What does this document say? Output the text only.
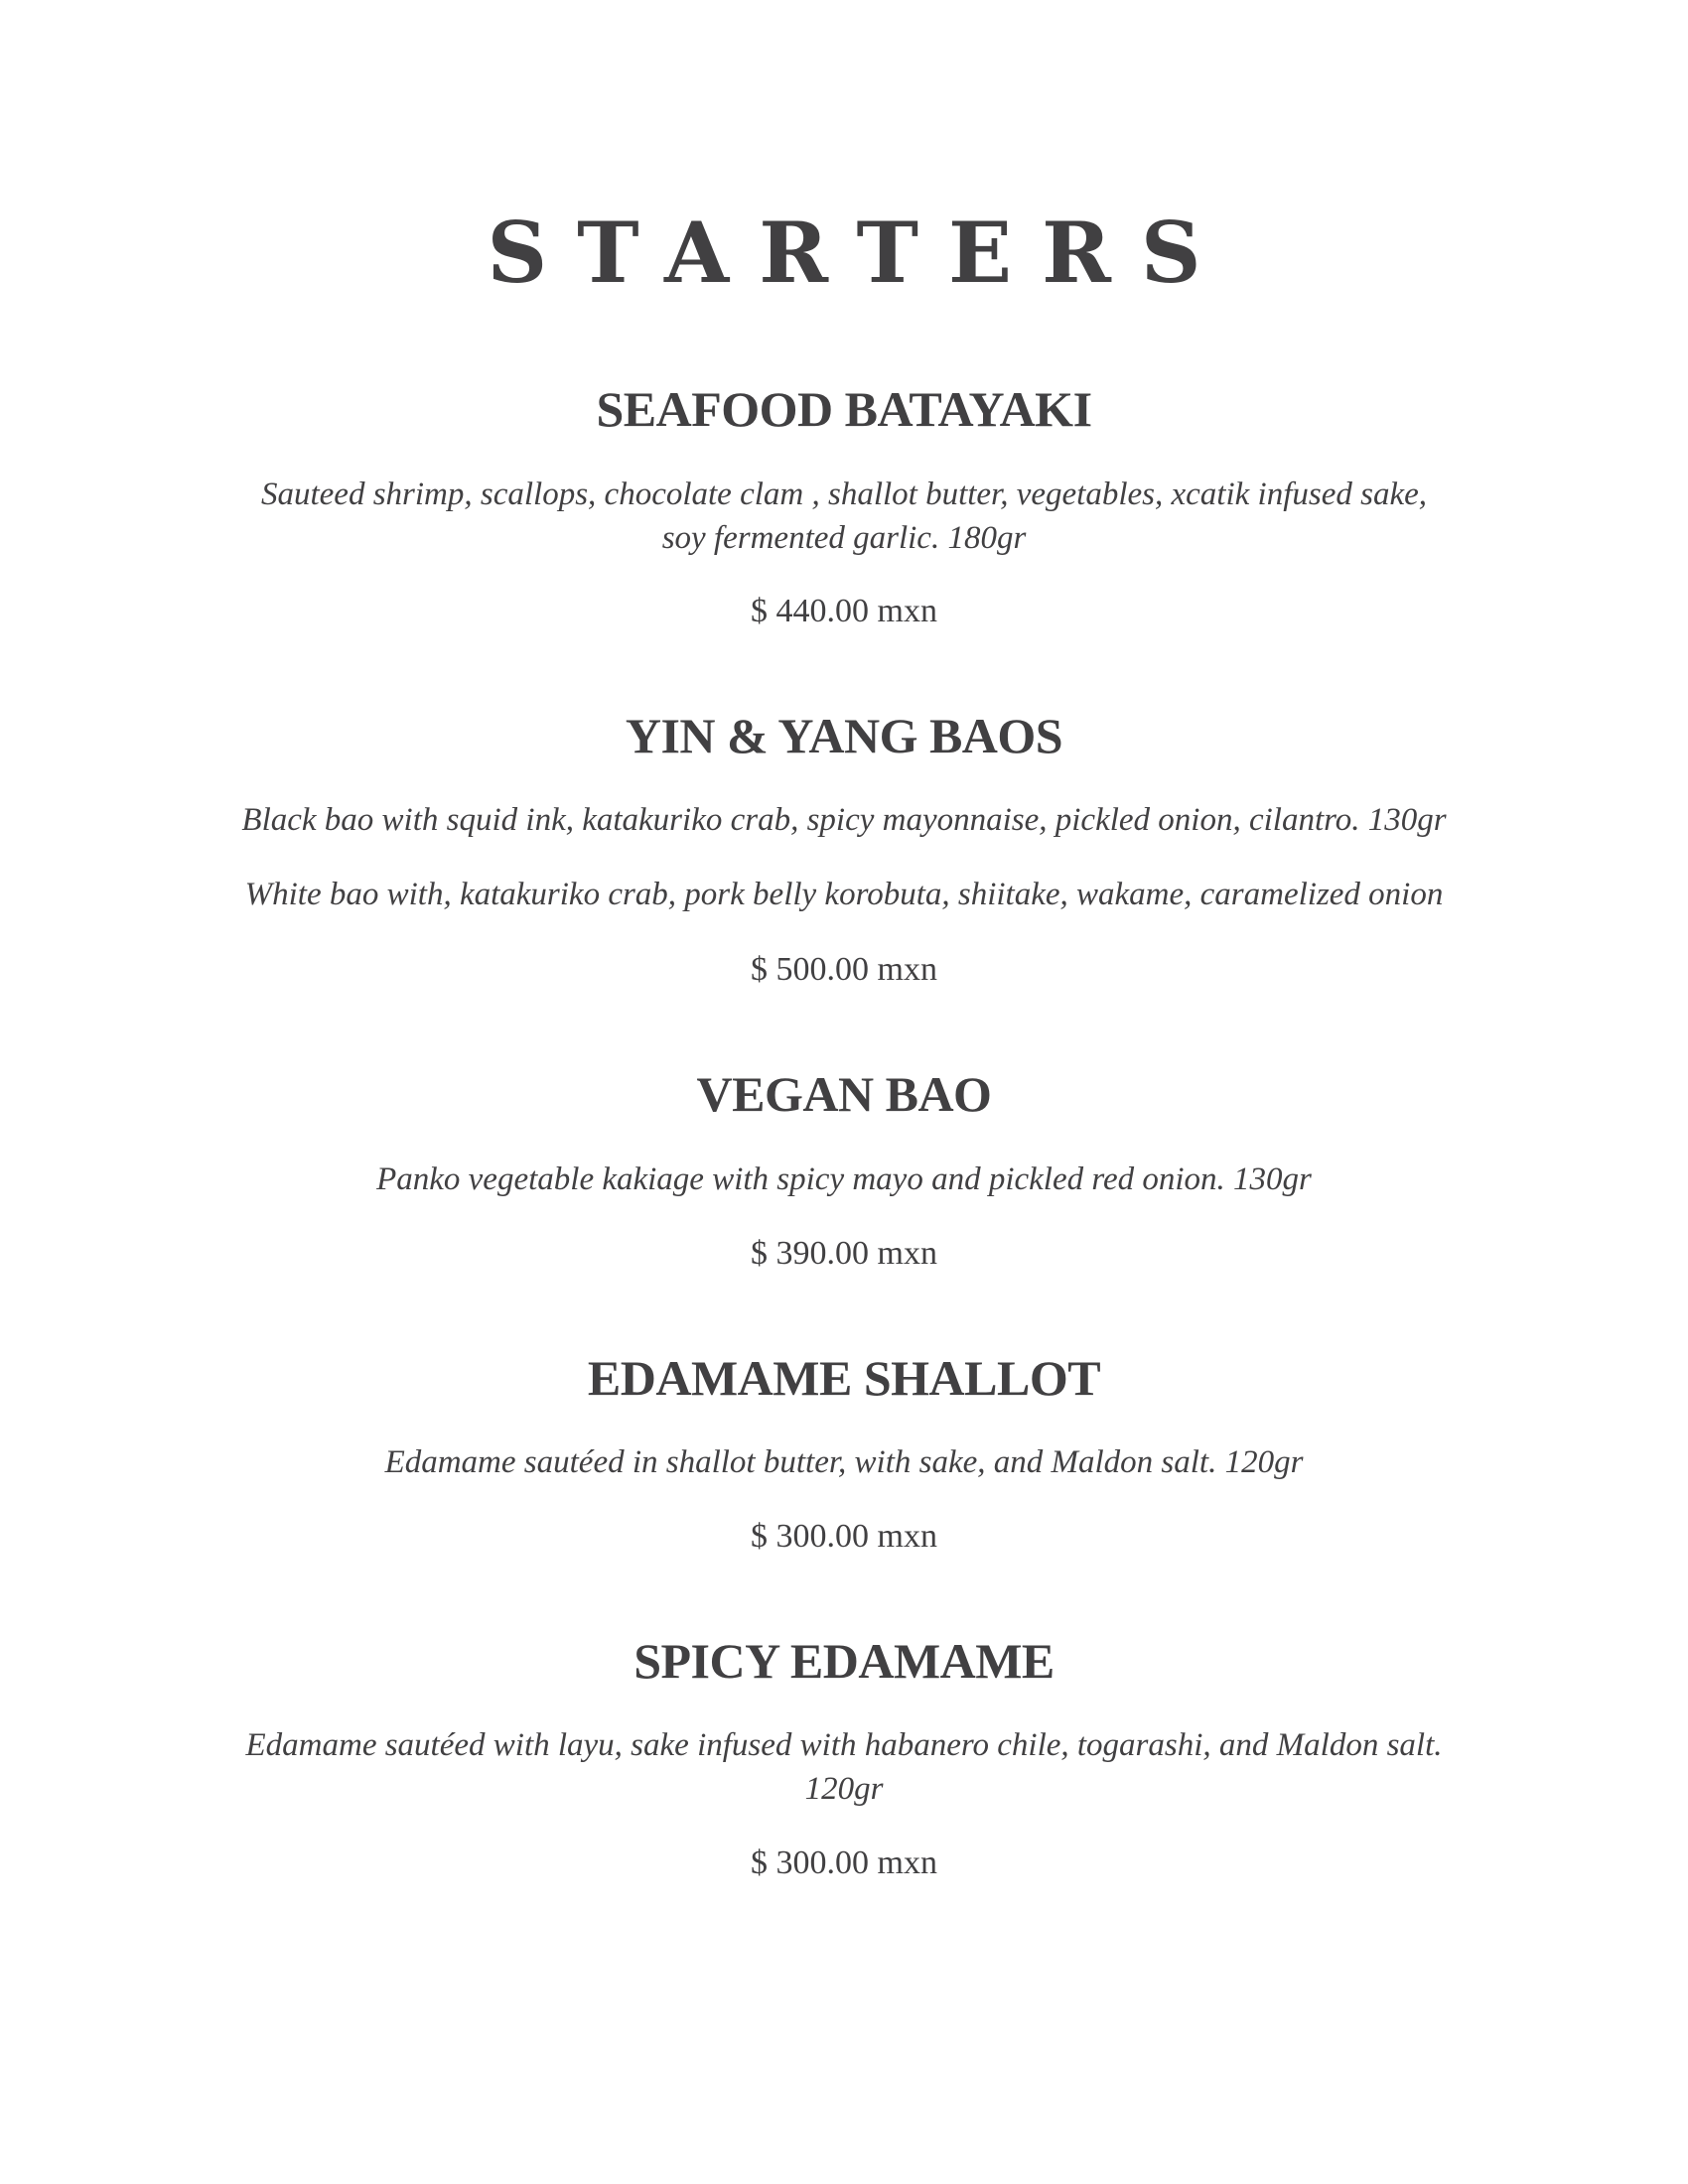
STARTERS
SEAFOOD BATAYAKI
Sauteed shrimp, scallops, chocolate clam , shallot butter, vegetables, xcatik infused sake,
soy fermented garlic. 180gr
$ 440.00 mxn
YIN & YANG BAOS
Black bao with squid ink, katakuriko crab, spicy mayonnaise, pickled onion, cilantro. 130gr
White bao with, katakuriko crab, pork belly korobuta, shiitake, wakame, caramelized onion
$ 500.00 mxn
VEGAN BAO
Panko vegetable kakiage with spicy mayo and pickled red onion. 130gr
$ 390.00 mxn
EDAMAME SHALLOT
Edamame sautéed in shallot butter, with sake, and Maldon salt. 120gr
$ 300.00 mxn
SPICY EDAMAME
Edamame sautéed with layu, sake infused with habanero chile, togarashi, and Maldon salt.
120gr
$ 300.00 mxn
